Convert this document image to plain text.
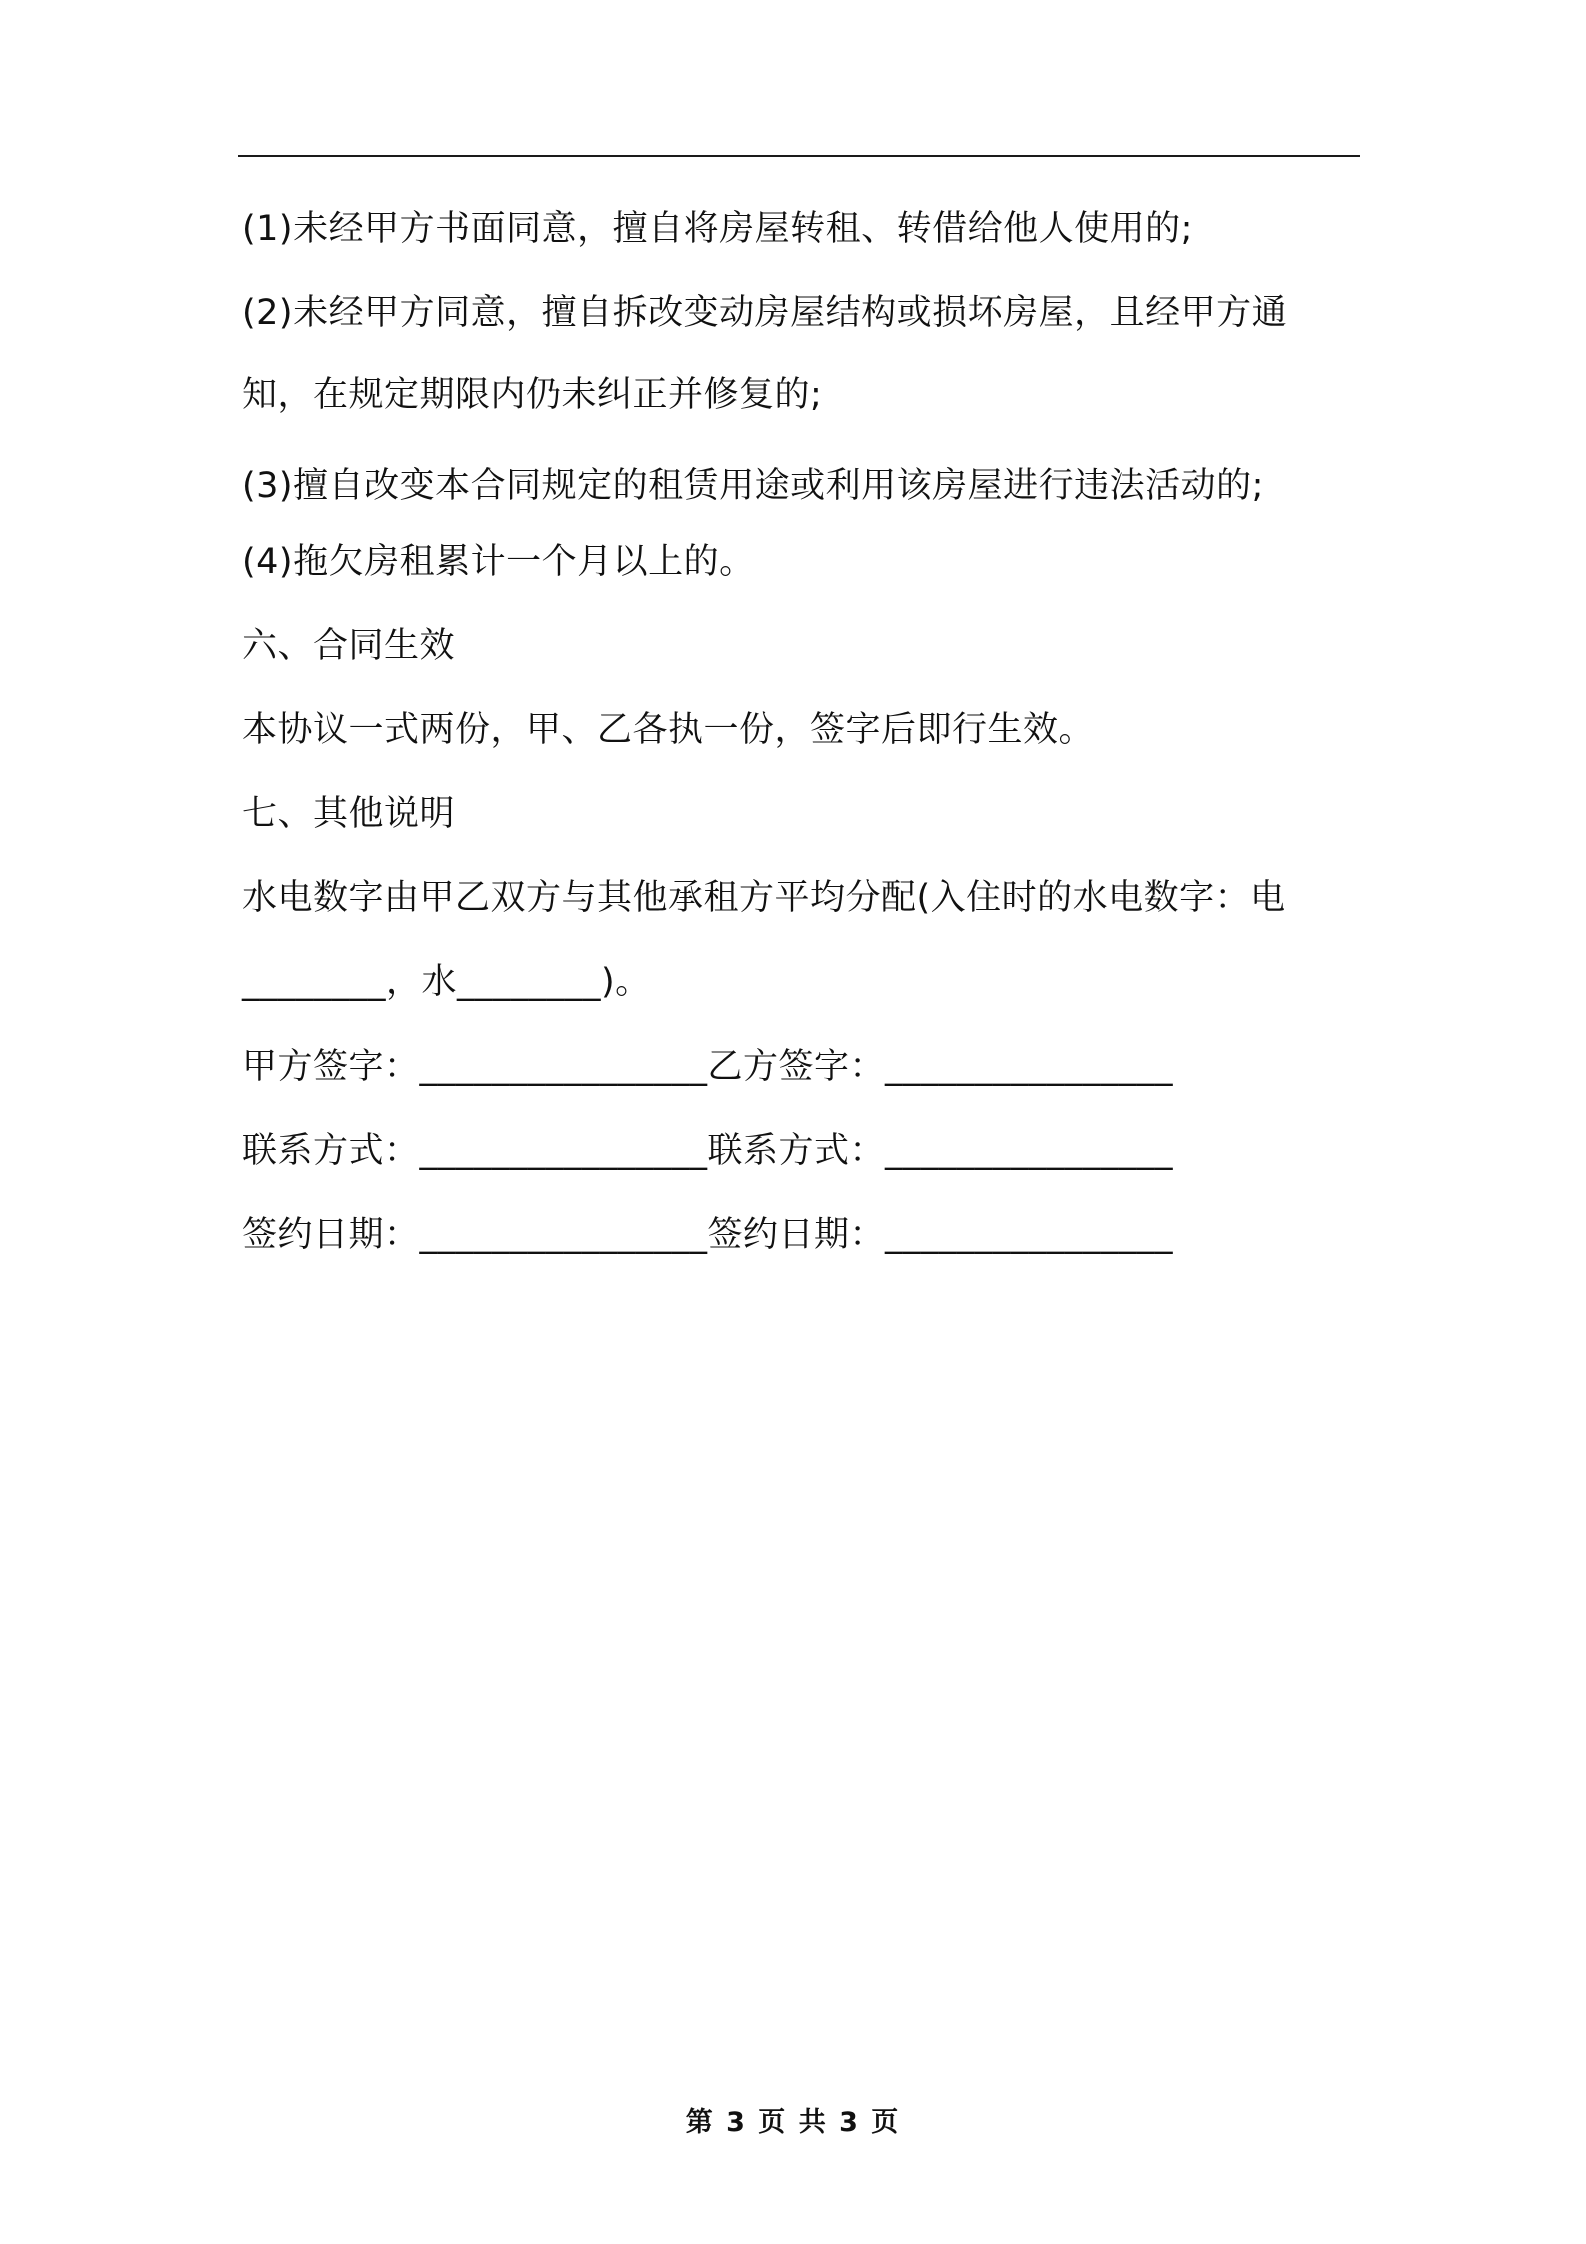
(1)未经甲方书面同意，擅自将房屋转租、转借给他人使用的;
(2)未经甲方同意，擅自拆改变动房屋结构或损坏房屋，且经甲方通
知，在规定期限内仍未纠正并修复的;
(3)擅自改变本合同规定的租赁用途或利用该房屋进行违法活动的;
(4)拖欠房租累计一个月以上的。
六、合同生效
本协议一式两份，甲、乙各执一份，签字后即行生效。
七、其他说明
水电数字由甲乙双方与其他承租方平均分配(入住时的水电数字：电
________，水________)。
甲方签字：________________乙方签字：________________
联系方式：________________联系方式：________________
签约日期：________________签约日期：________________
第 3 页 共 3 页
